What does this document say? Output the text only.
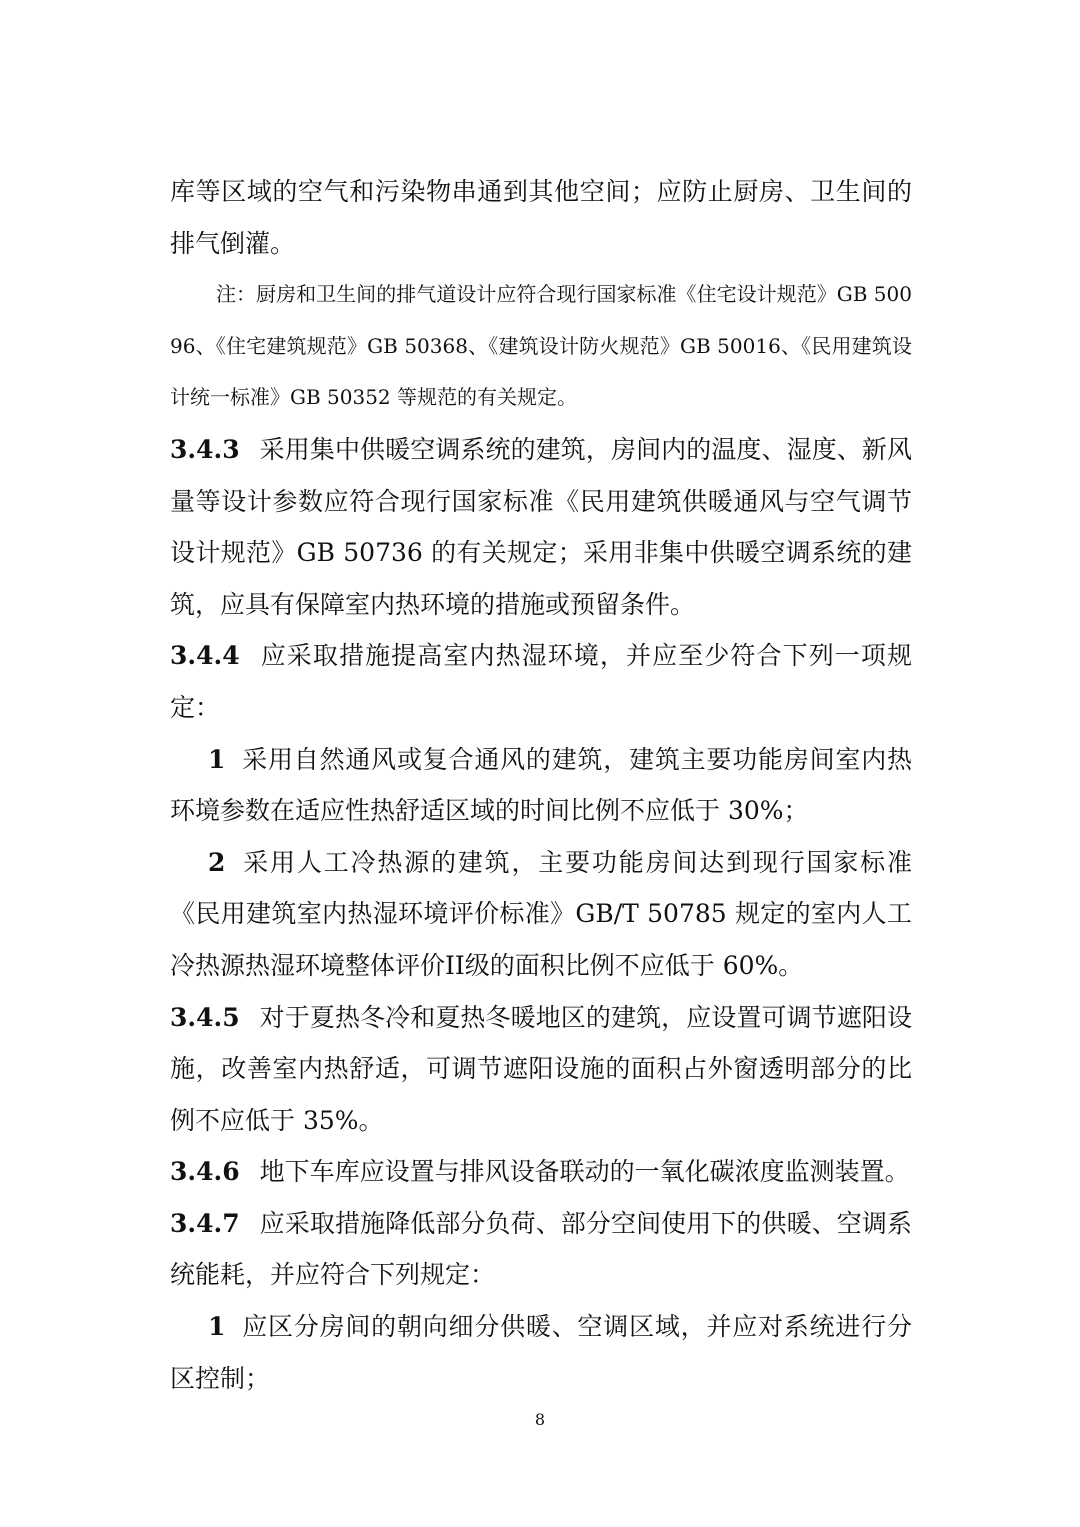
库等区域的空气和污染物串通到其他空间；应防止厨房、卫生间的排气倒灌。

注：厨房和卫生间的排气道设计应符合现行国家标准《住宅设计规范》GB 50096、《住宅建筑规范》GB 50368、《建筑设计防火规范》GB 50016、《民用建筑设计统一标准》GB 50352 等规范的有关规定。

3.4.3 采用集中供暖空调系统的建筑，房间内的温度、湿度、新风量等设计参数应符合现行国家标准《民用建筑供暖通风与空气调节设计规范》GB 50736 的有关规定；采用非集中供暖空调系统的建筑，应具有保障室内热环境的措施或预留条件。

3.4.4 应采取措施提高室内热湿环境，并应至少符合下列一项规定：

1 采用自然通风或复合通风的建筑，建筑主要功能房间室内热环境参数在适应性热舒适区域的时间比例不应低于 30%；

2 采用人工冷热源的建筑，主要功能房间达到现行国家标准《民用建筑室内热湿环境评价标准》GB/T 50785 规定的室内人工冷热源热湿环境整体评价II级的面积比例不应低于 60%。

3.4.5 对于夏热冬冷和夏热冬暖地区的建筑，应设置可调节遮阳设施，改善室内热舒适，可调节遮阳设施的面积占外窗透明部分的比例不应低于 35%。

3.4.6 地下车库应设置与排风设备联动的一氧化碳浓度监测装置。

3.4.7 应采取措施降低部分负荷、部分空间使用下的供暖、空调系统能耗，并应符合下列规定：

1 应区分房间的朝向细分供暖、空调区域，并应对系统进行分区控制；

8
